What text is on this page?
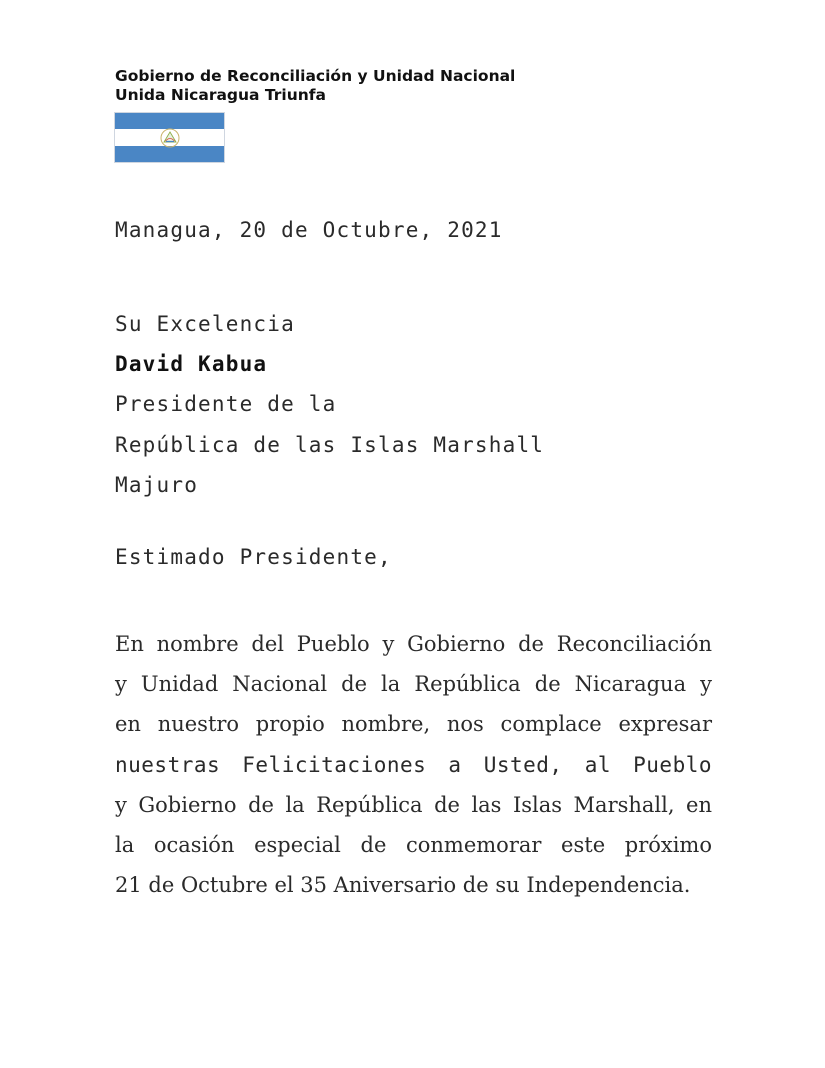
Gobierno de Reconciliación y Unidad Nacional
Unida Nicaragua Triunfa
Managua, 20 de Octubre, 2021
Su Excelencia
David Kabua
Presidente de la
República de las Islas Marshall
Majuro
Estimado Presidente,
En nombre del Pueblo y Gobierno de Reconciliación
y Unidad Nacional de la República de Nicaragua y
en nuestro propio nombre, nos complace expresar
nuestras Felicitaciones a Usted, al Pueblo
y Gobierno de la República de las Islas Marshall, en
la ocasión especial de conmemorar este próximo
21 de Octubre el 35 Aniversario de su Independencia.
